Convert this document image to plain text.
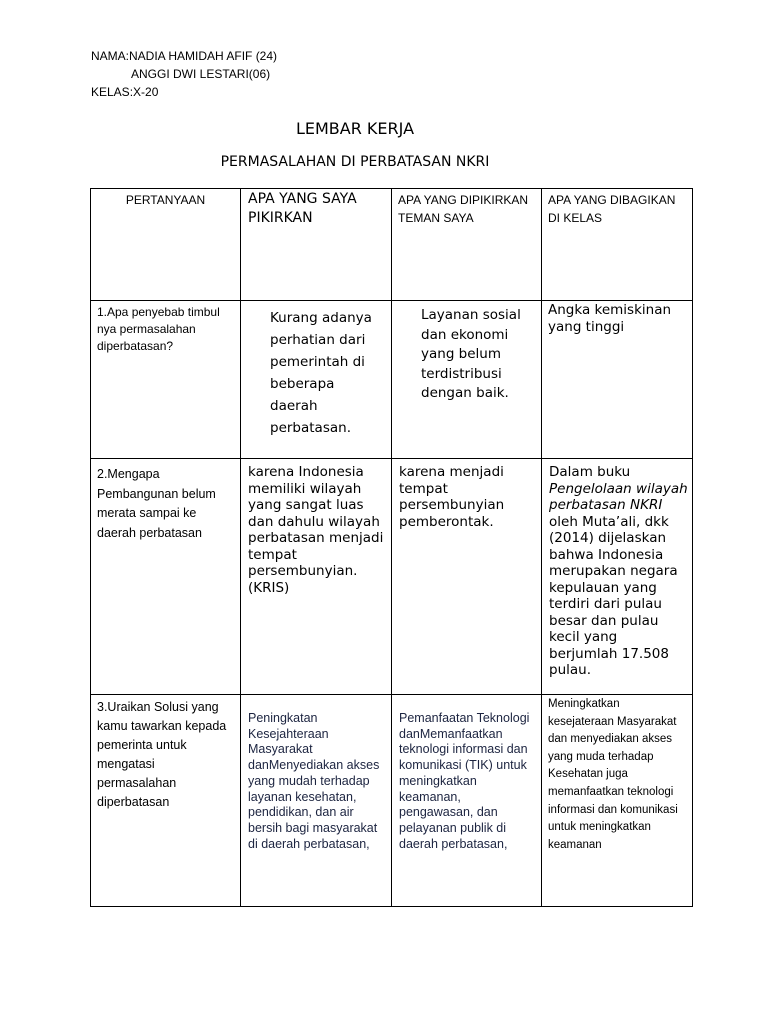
NAMA:NADIA HAMIDAH AFIF (24)
ANGGI DWI LESTARI(06)
KELAS:X-20
LEMBAR KERJA
PERMASALAHAN DI PERBATASAN NKRI
PERTANYAAN	APA YANG SAYA PIKIRKAN	APA YANG DIPIKIRKAN TEMAN SAYA	APA YANG DIBAGIKAN DI KELAS

1.Apa penyebab timbul nya permasalahan diperbatasan?	Kurang adanya perhatian dari pemerintah di beberapa daerah perbatasan.	Layanan sosial dan ekonomi yang belum terdistribusi dengan baik.	Angka kemiskinan yang tinggi

2.Mengapa Pembangunan belum merata sampai ke daerah perbatasan	karena Indonesia memiliki wilayah yang sangat luas dan dahulu wilayah perbatasan menjadi tempat persembunyian. (KRIS)	karena menjadi tempat persembunyian pemberontak.	Dalam buku Pengelolaan wilayah perbatasan NKRI oleh Muta’ali, dkk (2014) dijelaskan bahwa Indonesia merupakan negara kepulauan yang terdiri dari pulau besar dan pulau kecil yang berjumlah 17.508 pulau.

3.Uraikan Solusi yang kamu tawarkan kepada pemerinta untuk mengatasi permasalahan diperbatasan	Peningkatan Kesejahteraan Masyarakat danMenyediakan akses yang mudah terhadap layanan kesehatan, pendidikan, dan air bersih bagi masyarakat di daerah perbatasan,	Pemanfaatan Teknologi danMemanfaatkan teknologi informasi dan komunikasi (TIK) untuk meningkatkan keamanan, pengawasan, dan pelayanan publik di daerah perbatasan,	Meningkatkan kesejateraan Masyarakat dan menyediakan akses yang muda terhadap Kesehatan juga memanfaatkan teknologi informasi dan komunikasi untuk meningkatkan keamanan
